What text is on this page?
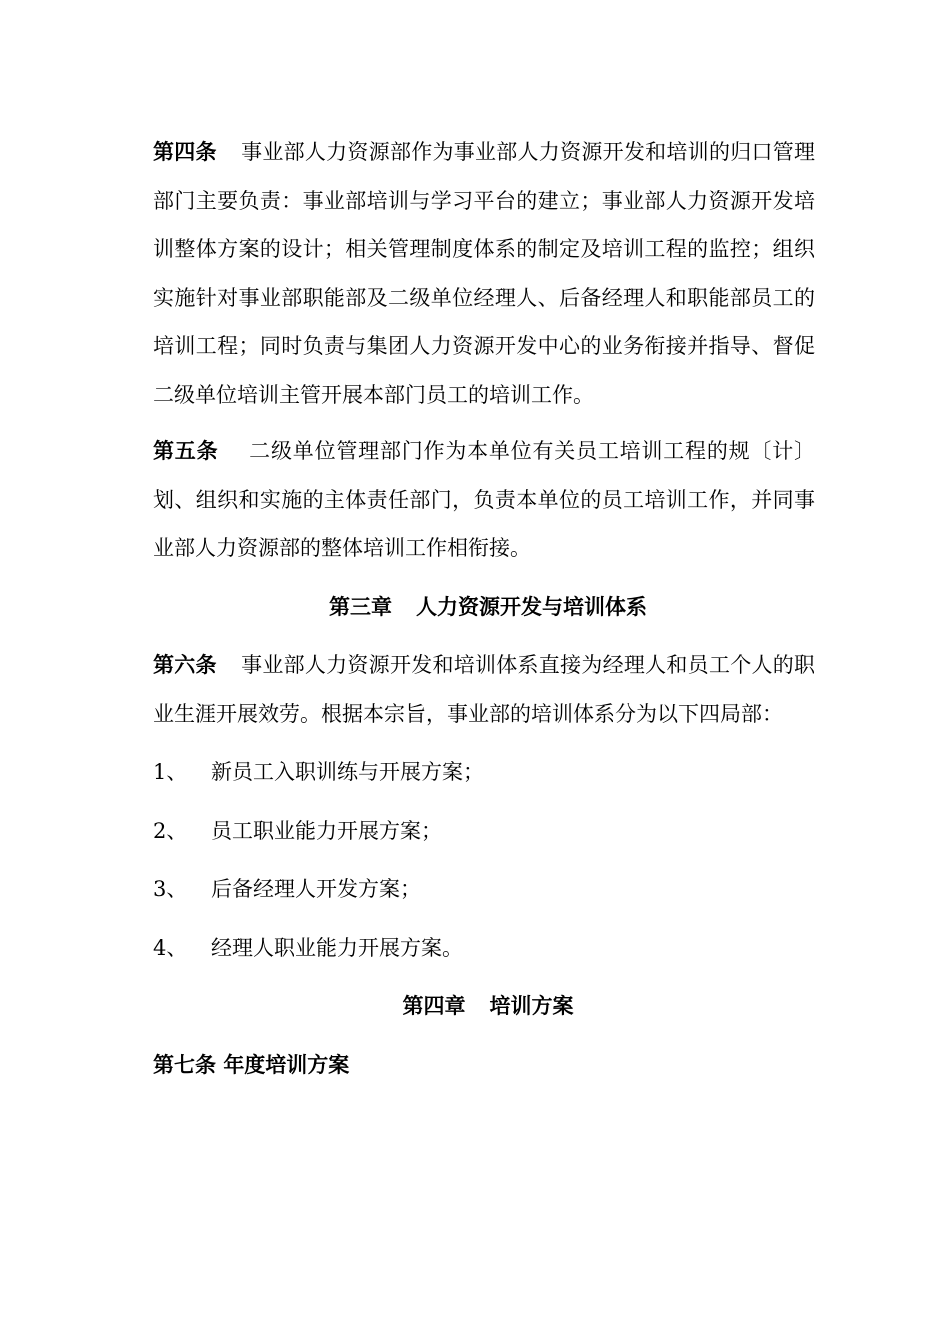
第四条 事业部人力资源部作为事业部人力资源开发和培训的归口管理部门主要负责：事业部培训与学习平台的建立；事业部人力资源开发培训整体方案的设计；相关管理制度体系的制定及培训工程的监控；组织实施针对事业部职能部及二级单位经理人、后备经理人和职能部员工的培训工程；同时负责与集团人力资源开发中心的业务衔接并指导、督促二级单位培训主管开展本部门员工的培训工作。

第五条 二级单位管理部门作为本单位有关员工培训工程的规〔计〕划、组织和实施的主体责任部门，负责本单位的员工培训工作，并同事业部人力资源部的整体培训工作相衔接。

第三章 人力资源开发与培训体系

第六条 事业部人力资源开发和培训体系直接为经理人和员工个人的职业生涯开展效劳。根据本宗旨，事业部的培训体系分为以下四局部：

1、 新员工入职训练与开展方案；

2、 员工职业能力开展方案；

3、 后备经理人开发方案；

4、 经理人职业能力开展方案。

第四章 培训方案

第七条 年度培训方案
